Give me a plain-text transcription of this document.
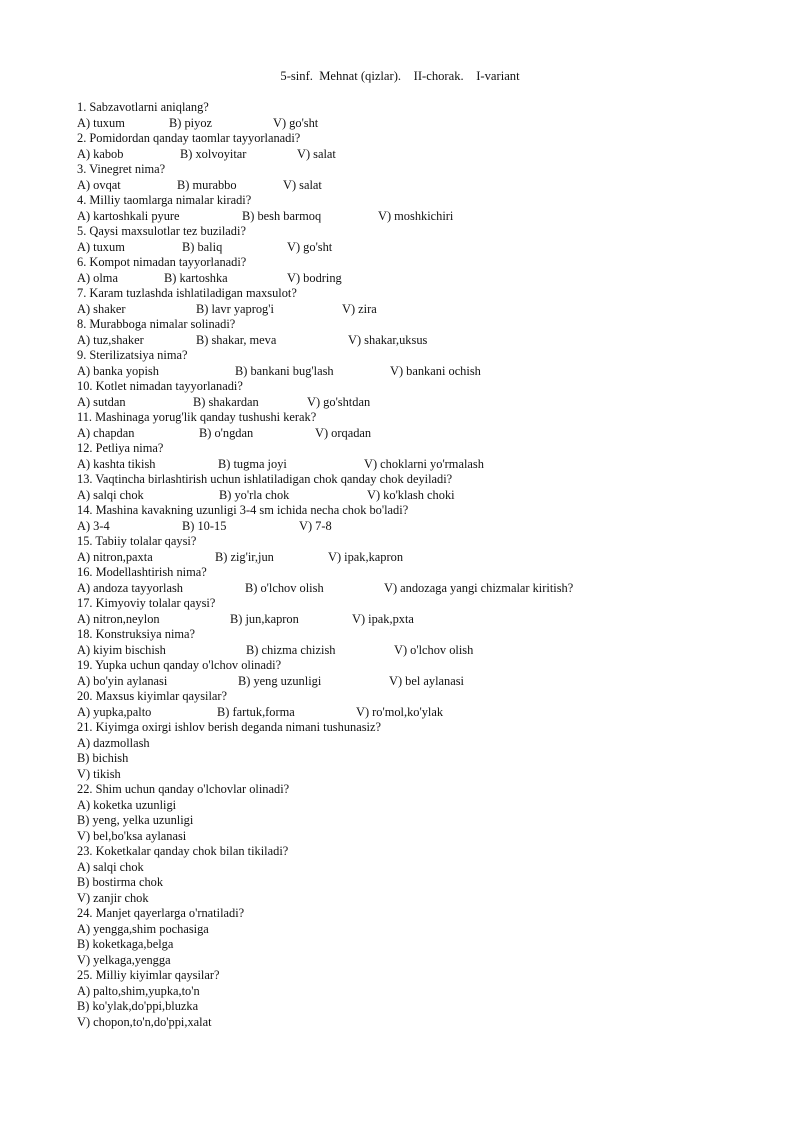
5-sinf.  Mehnat (qizlar).    II-chorak.    I-variant
1. Sabzavotlarni aniqlang?
A) tuxum	B) piyoz	V) go'sht
2. Pomidordan qanday taomlar tayyorlanadi?
A) kabob	B) xolvoyitar	V) salat
3. Vinegret nima?
A) ovqat	B) murabbo	V) salat
4. Milliy taomlarga nimalar kiradi?
A) kartoshkali pyure	B) besh barmoq	V) moshkichiri
5. Qaysi maxsulotlar tez buziladi?
A) tuxum	B) baliq	V) go'sht
6. Kompot nimadan tayyorlanadi?
A) olma	B) kartoshka	V) bodring
7. Karam tuzlashda ishlatiladigan maxsulot?
A) shaker	B) lavr yaprog'i	V) zira
8. Murabboga nimalar solinadi?
A) tuz,shaker	B) shakar, meva	V) shakar,uksus
9. Sterilizatsiya nima?
A) banka yopish	B) bankani bug'lash	V) bankani ochish
10. Kotlet nimadan tayyorlanadi?
A) sutdan	B) shakardan	V) go'shtdan
11. Mashinaga yorug'lik qanday tushushi kerak?
A) chapdan	B) o'ngdan	V) orqadan
12. Petliya nima?
A) kashta tikish	B) tugma joyi	V) choklarni yo'rmalash
13. Vaqtincha birlashtirish uchun ishlatiladigan chok qanday chok deyiladi?
A) salqi chok	B) yo'rla chok	V) ko'klash choki
14. Mashina kavakning uzunligi 3-4 sm ichida necha chok bo'ladi?
A) 3-4	B) 10-15	V) 7-8
15. Tabiiy tolalar qaysi?
A) nitron,paxta	B) zig'ir,jun	V) ipak,kapron
16. Modellashtirish nima?
A) andoza tayyorlash	B) o'lchov olish	V) andozaga yangi chizmalar kiritish?
17. Kimyoviy tolalar qaysi?
A) nitron,neylon	B) jun,kapron	V) ipak,pxta
18. Konstruksiya nima?
A) kiyim bischish	B) chizma chizish	V) o'lchov olish
19. Yupka uchun qanday o'lchov olinadi?
A) bo'yin aylanasi	B) yeng uzunligi	V) bel aylanasi
20. Maxsus kiyimlar qaysilar?
A) yupka,palto	B) fartuk,forma	V) ro'mol,ko'ylak
21. Kiyimga oxirgi ishlov berish deganda nimani tushunasiz?
A) dazmollash
B) bichish
V) tikish
22. Shim uchun qanday o'lchovlar olinadi?
A) koketka uzunligi
B) yeng, yelka uzunligi
V) bel,bo'ksa aylanasi
23. Koketkalar qanday chok bilan tikiladi?
A) salqi chok
B) bostirma chok
V) zanjir chok
24. Manjet qayerlarga o'rnatiladi?
A) yengga,shim pochasiga
B) koketkaga,belga
V) yelkaga,yengga
25. Milliy kiyimlar qaysilar?
A) palto,shim,yupka,to'n
B) ko'ylak,do'ppi,bluzka
V) chopon,to'n,do'ppi,xalat
